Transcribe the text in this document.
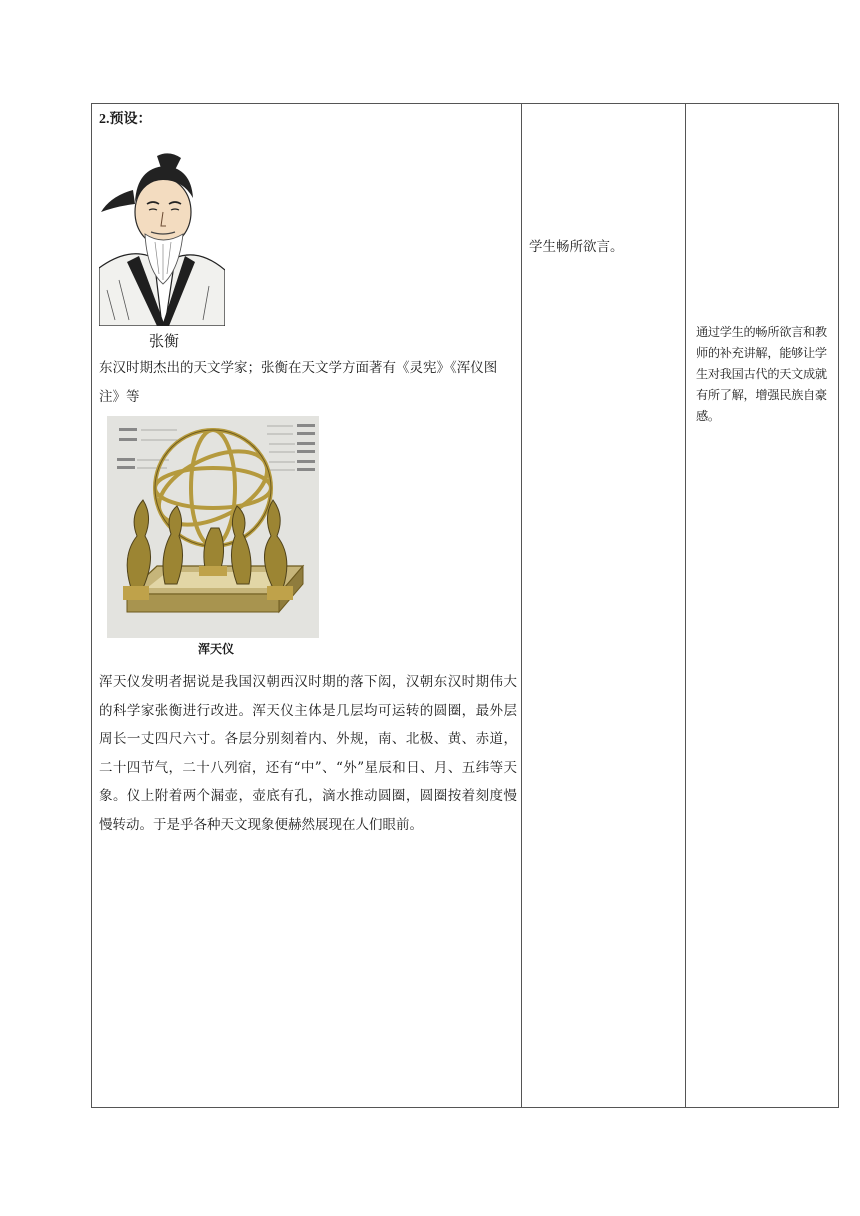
2.预设：
张衡
东汉时期杰出的天文学家；张衡在天文学方面著有《灵宪》《浑仪图注》等
浑天仪
浑天仪发明者据说是我国汉朝西汉时期的落下闳，汉朝东汉时期伟大的科学家张衡进行改进。浑天仪主体是几层均可运转的圆圈，最外层周长一丈四尺六寸。各层分别刻着内、外规，南、北极、黄、赤道，二十四节气，二十八列宿，还有“中”、“外”星辰和日、月、五纬等天象。仪上附着两个漏壶，壶底有孔，滴水推动圆圈，圆圈按着刻度慢慢转动。于是乎各种天文现象便赫然展现在人们眼前。
学生畅所欲言。
通过学生的畅所欲言和教师的补充讲解，能够让学生对我国古代的天文成就有所了解，增强民族自豪感。
